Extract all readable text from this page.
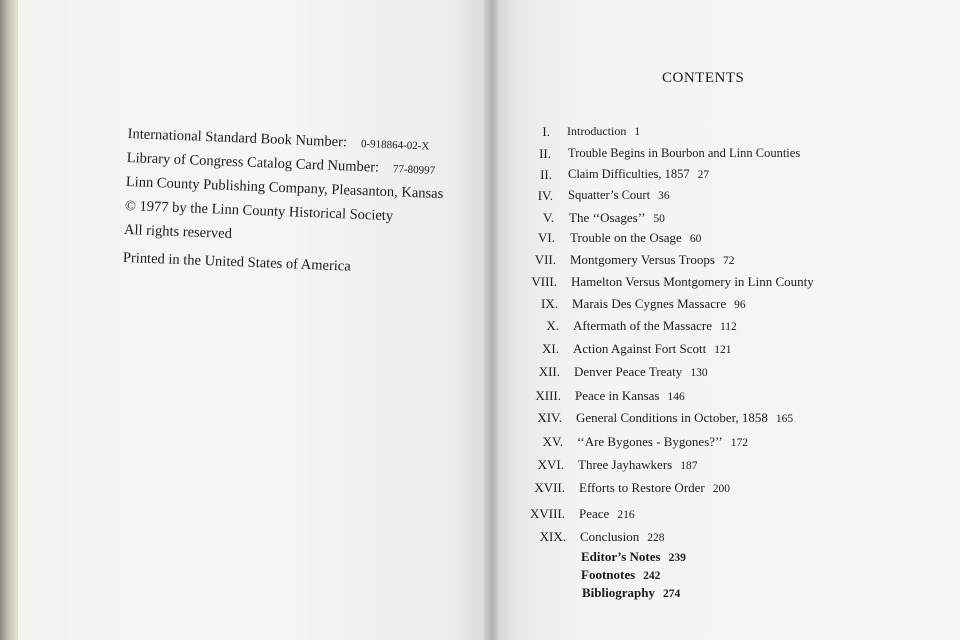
International Standard Book Number: 0-918864-02-X
Library of Congress Catalog Card Number: 77-80997
Linn County Publishing Company, Pleasanton, Kansas
© 1977 by the Linn County Historical Society
All rights reserved
Printed in the United States of America
CONTENTS
I. Introduction 1
II. Trouble Begins in Bourbon and Linn Counties
II. Claim Difficulties, 1857 27
IV. Squatter’s Court 36
V. The ‘‘Osages’’ 50
VI. Trouble on the Osage 60
VII. Montgomery Versus Troops 72
VIII. Hamelton Versus Montgomery in Linn County
IX. Marais Des Cygnes Massacre 96
X. Aftermath of the Massacre 112
XI. Action Against Fort Scott 121
XII. Denver Peace Treaty 130
XIII. Peace in Kansas 146
XIV. General Conditions in October, 1858 165
XV. ‘‘Are Bygones - Bygones?’’ 172
XVI. Three Jayhawkers 187
XVII. Efforts to Restore Order 200
XVIII. Peace 216
XIX. Conclusion 228
Editor’s Notes 239
Footnotes 242
Bibliography 274
